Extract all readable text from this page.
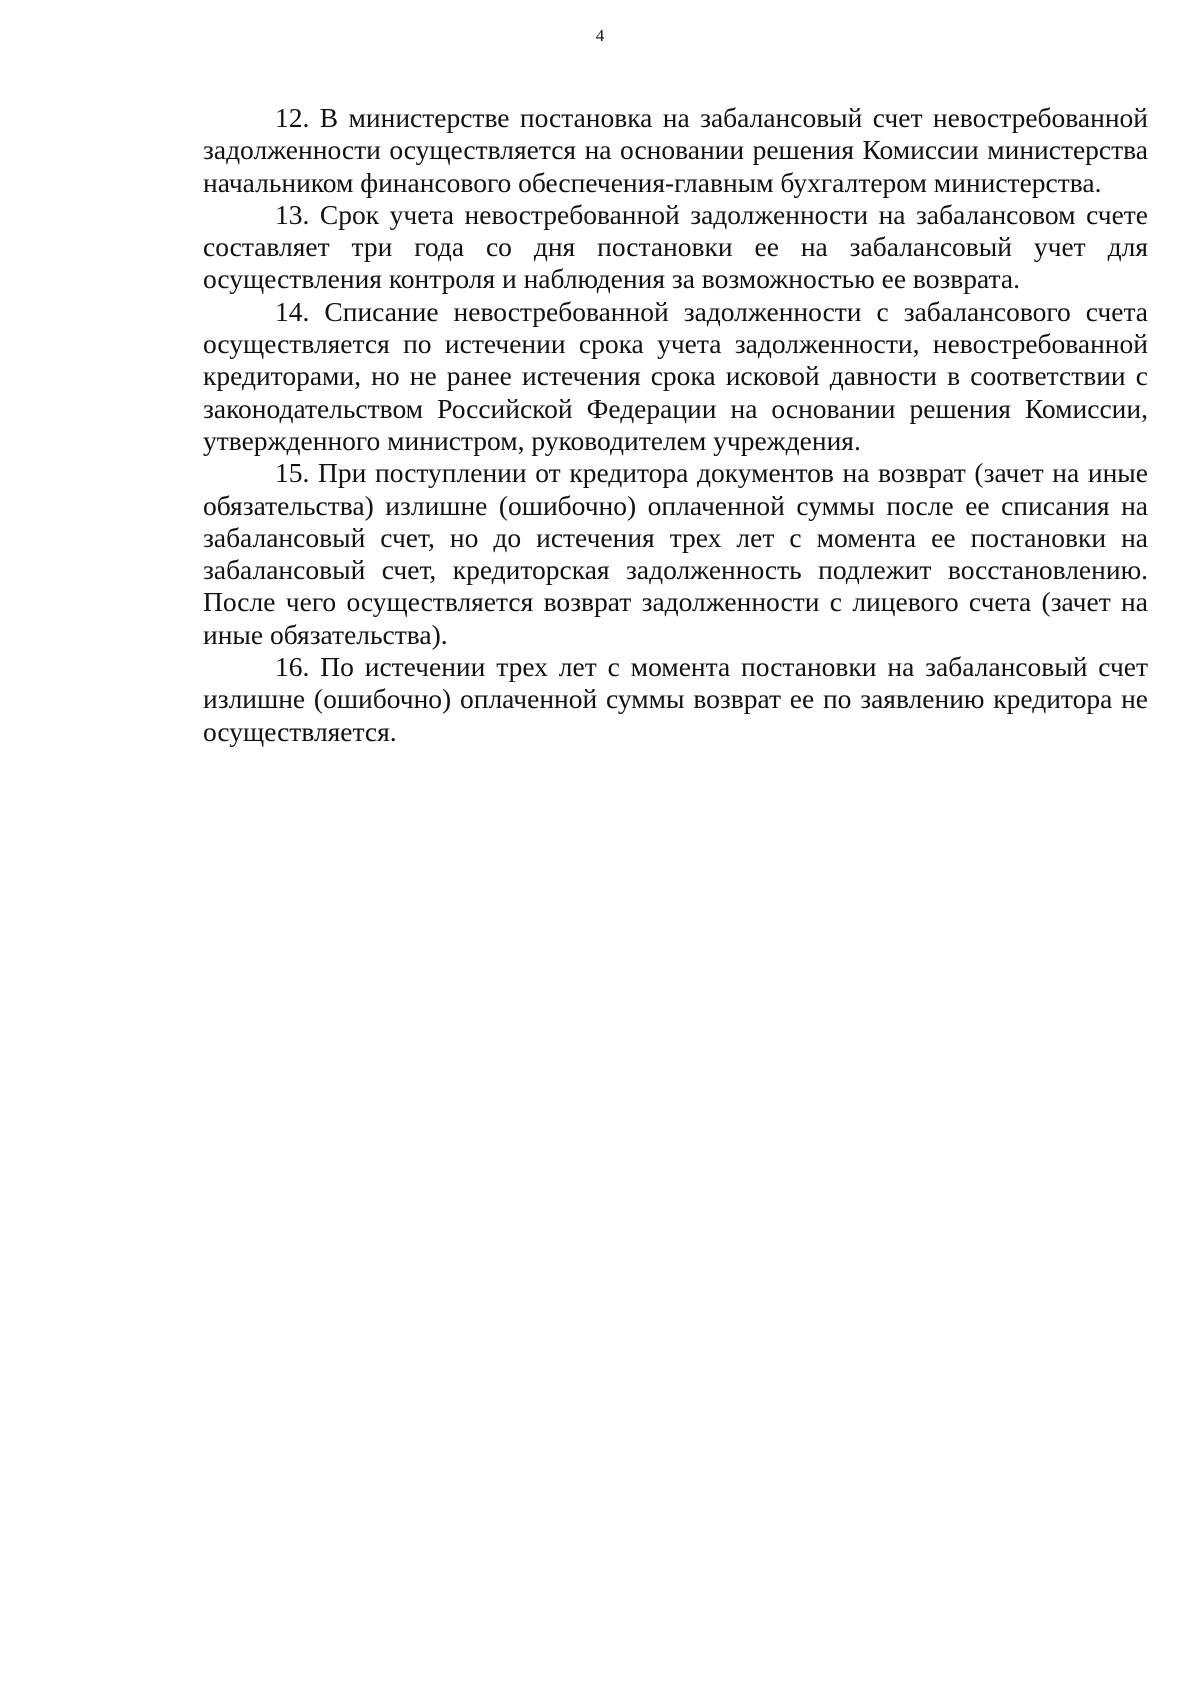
4

12. В министерстве постановка на забалансовый счет невостребованной задолженности осуществляется на основании решения Комиссии министерства начальником финансового обеспечения-главным бухгалтером министерства.

13. Срок учета невостребованной задолженности на забалансовом счете составляет три года со дня постановки ее на забалансовый учет для осуществления контроля и наблюдения за возможностью ее возврата.

14. Списание невостребованной задолженности с забалансового счета осуществляется по истечении срока учета задолженности, невостребованной кредиторами, но не ранее истечения срока исковой давности в соответствии с законодательством Российской Федерации на основании решения Комиссии, утвержденного министром, руководителем учреждения.

15. При поступлении от кредитора документов на возврат (зачет на иные обязательства) излишне (ошибочно) оплаченной суммы после ее списания на забалансовый счет, но до истечения трех лет с момента ее постановки на забалансовый счет, кредиторская задолженность подлежит восстановлению. После чего осуществляется возврат задолженности с лицевого счета (зачет на иные обязательства).

16. По истечении трех лет с момента постановки на забалансовый счет излишне (ошибочно) оплаченной суммы возврат ее по заявлению кредитора не осуществляется.
